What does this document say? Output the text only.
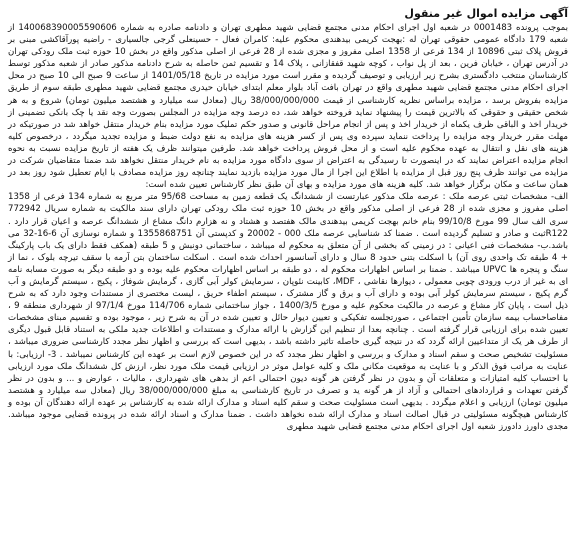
آگهی مزایده اموال غیر منقول

بموجب پرونده 0001483 در شعبه اول اجرای احکام مدنی مجتمع قضایی شهید مطهری تهران و دادنامه صادره به شماره 140068390005590606 از شعبه 179 دادگاه عمومی حقوقی تهران له :بهجت کریمی بیدهندی محکوم علیه: کامران فعال - حسینعلی گرجی جالسیاری - راضیه پورآقاکشی مبنی بر فروش پلاک ثبتی 10896 از 134 فرعی از 1358 اصلی مفروز و مجزی شده از 28 فرعی از اصلی مذکور واقع در بخش 10 حوزه ثبت ملک رودکی تهران در آدرس تهران ، خیابان فرین ، بعد از پل نواب ، کوچه شهید قفقازانی ، پلاک 14 و تقسیم ثمن حاصله به شرح دادنامه مذکور صادر از شعبه مذکور توسط کارشناسان منتخب دادگستری بشرح زیر ارزیابی و توصیف گردیده و مقرر است مورد مزایده در تاریخ 1401/05/18 از ساعت 9 صبح الی 10 صبح در محل اجرای احکام مدنی مجتمع قضایی شهید مطهری واقع در تهران بافت آباد بلوار معلم ابتدای خیابان حیدری مجتمع قضایی شهید مطهری طبقه سوم از طریق مزایده بفروش برسد ، مزایده براساس نظریه کارشناسی از قیمت 38/000/000/000 ریال (معادل سه میلیارد و هشتصد میلیون تومان) شروع و به هر شخص حقیقی و حقوقی که بالاترین قیمت را پیشنهاد نماید فروخته خواهد شد، ده درصد وجه مزایده در المجلس بصورت وجه نقد یا چک بانکی تضمینی از خریدار اخذ و الباقی ظرف یکماه از خریدار اخذ و پس از انجام مراحل قانونی و صدور حکم تملیک مورد مزایده بنام خریدار منتقل خواهد شد در صورتیکه در مهلت مقرر خریدار وجه مزایده را پرداخت ننماید سپرده وی پس از کسر هزینه های مزایده به نفع دولت ضبط و مزایده تجدید میگردد ، درخصوص کلیه هزینه های نقل و انتقال به عهده محکوم علیه است و از محل فروش پرداخت خواهد شد. طرفین میتوانند ظرف یک هفته از تاریخ مزایده نسبت به نحوه انجام مزایده اعتراض نمایند که در اینصورت تا رسیدگی به اعتراض از سوی دادگاه مورد مزایده به نام خریدار منتقل نخواهد شد ضمنا متقاضیان شرکت در مزایده می توانند ظرف پنج روز قبل از مزایده با اطلاع این اجرا از مال مورد مزایده بازدید نمایند چنانچه روز مزایده مصادف با ایام تعطیل شود روز بعد در همان ساعت و مکان برگزار خواهد شد. کلیه هزینه های مورد مزایده و بهای آن طبق نظر کارشناس تعیین شده است:

الف- مشخصات ثبتی عرصه ملک : عرصه ملک مذکور عبارتست از ششدانگ یک قطعه زمین به مساحت 95/68 متر مربع به شماره 134 فرعی از 1358 اصلی مفروز و مجزی شده از 28 فرعی از اصلی مذکور واقع در بخش 10 حوزه ثبت ملک رودکی تهران دارای سند مالکیت به شماره سریال 772942 سری الف سال 99 مورخ 99/10/8 بنام خانم بهجت کریمی بیدهندی مالک هفتصد و هشتاد و نه هزارم دانگ مشاع از ششدانگ عرصه و اعیان قرار دارد . R122ثبت و صادر و تسلیم گردیده است . ضمنا کد شناسایی عرصه ملک 000 - 20002 و کدپستی آن 1355868751 و شماره نوسازی آن 6-16-32 می باشد.ب- مشخصات فنی اعیانی : در زمینی که بخشی از آن متعلق به محکوم له میباشد ، ساختمانی دونبش و 5 طبقه (همکف فقط دارای یک باب پارکینگ + 4 طبقه تک واحدی روی آن) با اسکلت بتنی حدود 8 سال و دارای آسانسور احداث شده است . اسکلت ساختمان بتن آرمه با سقف تیرچه بلوک ، نما از سنگ و پنجره ها UPVC میباشد . ضمنا بر اساس اظهارات محکوم له ، دو طبقه بر اساس اظهارات محکوم علیه بوده و دو طبقه دیگر به صورت مسابه نامه ای به غیر از درب ورودی چوبی معمولی ، دیوارها نقاشی ، MDF، کابینت نئوپان ، سرمایش کولر آبی گازی ، گرمایش شوفاژ ، پکیج ، سیستم گرمایش و آب گرم پکیج ، سیستم سرمایش کولر آبی بوده و دارای آب و برق و گاز مشترک ، سیستم اطفاء حریق ، لیست مختصری از مستندات وجود دارد که به شرح ذیل است ، پایان کار مشاع و عرصه در مالکیت محکوم علیه و مورخ 1400/3/5 ، جواز ساختمانی شماره 114/706 مورخ 97/1/4 از شهرداری منطقه 9 ، مفاصاحساب بیمه سازمان تأمین اجتماعی ، صورتجلسه تفکیکی و تعیین دیوار حائل و تعیین شده در آن به شرح زیر ، موجود بوده و تقسیم مبنای مشخصات تعیین شده برای ارزیابی قرار گرفته است . چنانچه بعدا از تنظیم این گزارش با ارائه مدارک و مستندات و اطلاعات جدید ملکی به استناد قابل قبول دیگری از طرف هر یک از متداعیین ارائه گردد که در نتیجه گیری حاصله تاثیر داشته باشد ، بدیهی است که بررسی و اظهار نظر مجدد کارشناسی ضروری میباشد ، مسئولیت تشخیص صحت و سقم اسناد و مدارک و بررسی و اظهار نظر مجدد که در این خصوص لازم است بر عهده این کارشناس نمیباشد . 3- ارزیابی: با عنایت به مراتب فوق الذکر و با عنایت به موقعیت مکانی ملک و کلیه عوامل موثر در ارزیابی قیمت ملک مورد نظر، ارزش کل ششدانگ ملک مورد ارزیابی با احتساب کلیه امتیازات و متعلقات آن و بدون در نظر گرفتن هر گونه دیون احتمالی اعم از بدهی های شهرداری ، مالیات ، عوارض و ... و بدون در نظر گرفتن تعهدات و قراردادهای احتمالی و آزاد از هر گونه ید و تصرف در تاریخ کارشناسی به مبلغ 38/000/000/000 ریال (معادل سه میلیارد و هشتصد میلیون تومان) ارزیابی و اعلام میگردد . بدیهی است مسئولیت صحت و سقم کلیه اسناد و مدارک ارائه شده به کارشناس بر عهده ارائه دهندگان آن بوده و کارشناس هیچگونه مسئولیتی در قبال اصالت اسناد و مدارک ارائه شده نخواهد داشت . ضمنا مدارک و اسناد ارائه شده در پرونده قضایی موجود میباشد. مجدی داورز دادورز شعبه اول اجرای احکام مدنی مجتمع قضایی شهید مطهری
